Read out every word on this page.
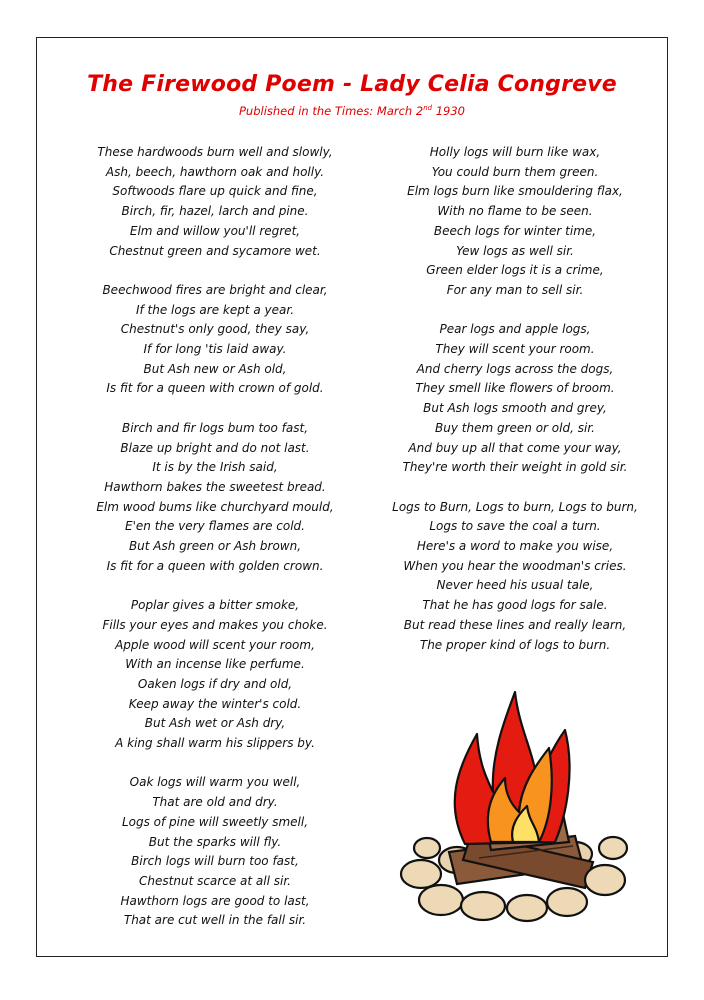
The Firewood Poem - Lady Celia Congreve
Published in the Times: March 2nd 1930
These hardwoods burn well and slowly,
Ash, beech, hawthorn oak and holly.
Softwoods flare up quick and fine,
Birch, fir, hazel, larch and pine.
Elm and willow you'll regret,
Chestnut green and sycamore wet.
Beechwood fires are bright and clear,
If the logs are kept a year.
Chestnut's only good, they say,
If for long 'tis laid away.
But Ash new or Ash old,
Is fit for a queen with crown of gold.
Birch and fir logs bum too fast,
Blaze up bright and do not last.
It is by the Irish said,
Hawthorn bakes the sweetest bread.
Elm wood bums like churchyard mould,
E'en the very flames are cold.
But Ash green or Ash brown,
Is fit for a queen with golden crown.
Poplar gives a bitter smoke,
Fills your eyes and makes you choke.
Apple wood will scent your room,
With an incense like perfume.
Oaken logs if dry and old,
Keep away the winter's cold.
But Ash wet or Ash dry,
A king shall warm his slippers by.
Oak logs will warm you well,
That are old and dry.
Logs of pine will sweetly smell,
But the sparks will fly.
Birch logs will burn too fast,
Chestnut scarce at all sir.
Hawthorn logs are good to last,
That are cut well in the fall sir.
Holly logs will burn like wax,
You could burn them green.
Elm logs burn like smouldering flax,
With no flame to be seen.
Beech logs for winter time,
Yew logs as well sir.
Green elder logs it is a crime,
For any man to sell sir.
Pear logs and apple logs,
They will scent your room.
And cherry logs across the dogs,
They smell like flowers of broom.
But Ash logs smooth and grey,
Buy them green or old, sir.
And buy up all that come your way,
They're worth their weight in gold sir.
Logs to Burn, Logs to burn, Logs to burn,
Logs to save the coal a turn.
Here's a word to make you wise,
When you hear the woodman's cries.
Never heed his usual tale,
That he has good logs for sale.
But read these lines and really learn,
The proper kind of logs to burn.
